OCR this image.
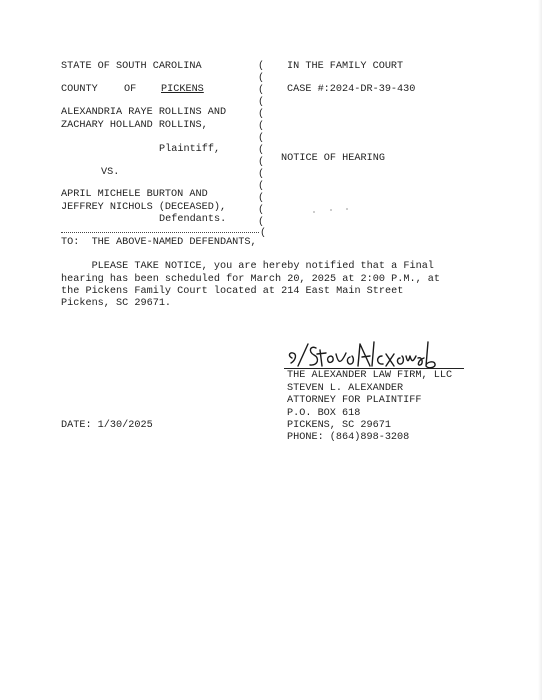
STATE OF SOUTH CAROLINA
COUNTY	OF PICKENS
ALEXANDRIA RAYE ROLLINS AND
ZACHARY HOLLAND ROLLINS,
Plaintiff,
VS.
APRIL MICHELE BURTON AND
JEFFREY NICHOLS (DECEASED),
Defendants.
(
(
(
(
(
(
(
(
(
(
(
(
(
(
(
IN THE FAMILY COURT
CASE #:2024-DR-39-430
NOTICE OF HEARING
TO:  THE ABOVE-NAMED DEFENDANTS,
PLEASE TAKE NOTICE, you are hereby notified that a Final
hearing has been scheduled for March 20, 2025 at 2:00 P.M., at
the Pickens Family Court located at 214 East Main Street
Pickens, SC 29671.
THE ALEXANDER LAW FIRM, LLC
STEVEN L. ALEXANDER
ATTORNEY FOR PLAINTIFF
P.O. BOX 618
PICKENS, SC 29671
PHONE: (864)898-3208
DATE: 1/30/2025
